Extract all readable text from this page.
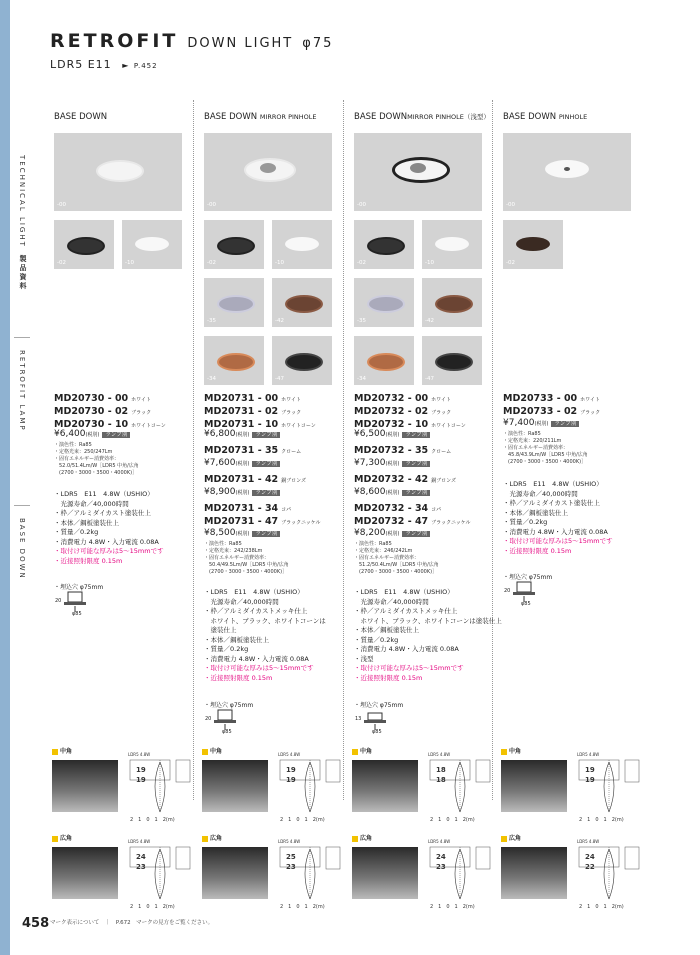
TECHNICAL LIGHT
製品資料
RETROFIT LAMP
BASE DOWN
RETROFIT DOWN LIGHT φ75
LDR5 E11 ► P.452
BASE DOWN	BASE DOWN MIRROR PINHOLE	BASE DOWNMIRROR PINHOLE（浅型） BASE DOWN PINHOLE
-00
-02	-10
-00
-02	-10
-35	-42
-34	-47
-00
-02	-10
-35	-42
-34	-47
-00
-02
MD20730 - 00 ホワイト
MD20730 - 02 ブラック
MD20730 - 10 ホワイトコーン
¥6,400(税別) ランプ別
・演色性：Ra85
・定格光束：250/247Lm
・固有エネルギー消費効率：
　52.0/51.4Lm/W［LDR5 中角/広角
　(2700・3000・3500・4000K)］
・LDR5　E11　4.8W（USHIO）
　光源寿命／40,000時間
・枠／アルミダイカスト塗装仕上
・本体／鋼板塗装仕上
・質量／0.2kg
・消費電力 4.8W・入力電流 0.08A
・取付け可能な厚みは5～15mmです
・近接照射限度 0.15m
・埋込穴 φ75mm
20
φ85
MD20731 - 00 ホワイト
MD20731 - 02 ブラック
MD20731 - 10 ホワイトコーン
¥6,800(税別) ランプ別
MD20731 - 35 クローム
¥7,600(税別) ランプ別
MD20731 - 42 銅ブロンズ
¥8,900(税別) ランプ別
MD20731 - 34 コパ
MD20731 - 47 ブラックニッケル
¥8,500(税別) ランプ別
・演色性：Ra85
・定格光束：242/238Lm
・固有エネルギー消費効率：
　50.4/49.5Lm/W［LDR5 中角/広角
　(2700・3000・3500・4000K)］
・LDR5　E11　4.8W（USHIO）
　光源寿命／40,000時間
・枠／アルミダイカストメッキ仕上
　ホワイト、ブラック、ホワイトコーンは
　塗装仕上
・本体／鋼板塗装仕上
・質量／0.2kg
・消費電力 4.8W・入力電流 0.08A
・取付け可能な厚みは5～15mmです
・近接照射限度 0.15m
・埋込穴 φ75mm
20
φ85
MD20732 - 00 ホワイト
MD20732 - 02 ブラック
MD20732 - 10 ホワイトコーン
¥6,500(税別) ランプ別
MD20732 - 35 クローム
¥7,300(税別) ランプ別
MD20732 - 42 銅ブロンズ
¥8,600(税別) ランプ別
MD20732 - 34 コパ
MD20732 - 47 ブラックニッケル
¥8,200(税別) ランプ別
・演色性：Ra85
・定格光束：246/242Lm
・固有エネルギー消費効率：
　51.2/50.4Lm/W［LDR5 中角/広角
　(2700・3000・3500・4000K)］
・LDR5　E11　4.8W（USHIO）
　光源寿命／40,000時間
・枠／アルミダイカストメッキ仕上
　ホワイト、ブラック、ホワイトコーンは塗装仕上
・本体／鋼板塗装仕上
・質量／0.2kg
・消費電力 4.8W・入力電流 0.08A
・浅型
・取付け可能な厚みは5～15mmです
・近接照射限度 0.15m
・埋込穴 φ75mm
13
φ85
MD20733 - 00 ホワイト
MD20733 - 02 ブラック
¥7,400(税別) ランプ別
・演色性：Ra85
・定格光束：220/211Lm
・固有エネルギー消費効率：
　45.8/43.9Lm/W［LDR5 中角/広角
　(2700・3000・3500・4000K)］
・LDR5　E11　4.8W（USHIO）
　光源寿命／40,000時間
・枠／アルミダイカスト塗装仕上
・本体／鋼板塗装仕上
・質量／0.2kg
・消費電力 4.8W・入力電流 0.08A
・取付け可能な厚みは5～15mmです
・近接照射限度 0.15m
・埋込穴 φ75mm
20
φ85
中角	LDR5 4.8W
19
19
2　1　0　1　2(m)
中角	LDR5 4.8W
19
19
2　1　0　1　2(m)
中角	LDR5 4.8W
18
18
2　1　0　1　2(m)
中角	LDR5 4.8W
19
19
2　1　0　1　2(m)
広角	LDR5 4.8W
24
23
2　1　0　1　2(m)
広角	LDR5 4.8W
25
23
2　1　0　1　2(m)
広角	LDR5 4.8W
24
23
2　1　0　1　2(m)
広角	LDR5 4.8W
24
22
2　1　0　1　2(m)
458 マーク表示について　｜　P.672　マークの見方をご覧ください。
